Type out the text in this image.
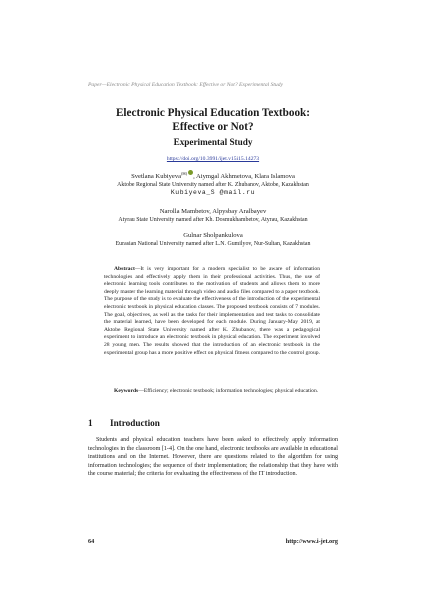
Paper—Electronic Physical Education Textbook: Effective or Not? Experimental Study
Electronic Physical Education Textbook:
Effective or Not?
Experimental Study
https://doi.org/10.3991/ijet.v15i15.14273
Svetlana Kubiyeva(✉) , Aiymgal Akhmetova, Klara Islamova
Aktobe Regional State University named after K. Zhubanov, Aktobe, Kazakhstan
Kubiyeva_S @mail.ru
Narolla Mambetov, Alpysbay Aralbayev
Atyrau State University named after Kh. Dosmukhambetov, Atyrau, Kazakhstan
Gulnar Sholpankulova
Eurasian National University named after L.N. Gumilyov, Nur-Sultan, Kazakhstan

Abstract—It is very important for a modern specialist to be aware of information technologies and effectively apply them in their professional activities. Thus, the use of electronic learning tools contributes to the motivation of students and allows them to more deeply master the learning material through video and audio files compared to a paper textbook. The purpose of the study is to evaluate the effectiveness of the introduction of the experimental electronic textbook in physical education classes. The proposed textbook consists of 7 modules. The goal, objectives, as well as the tasks for their implementation and test tasks to consolidate the material learned, have been developed for each module. During January-May 2019, at Aktobe Regional State University named after K. Zhubanov, there was a pedagogical experiment to introduce an electronic textbook in physical education. The experiment involved 28 young men. The results showed that the introduction of an electronic textbook in the experimental group has a more positive effect on physical fitness compared to the control group.

Keywords—Efficiency; electronic textbook; information technologies; physical education.

1 Introduction

Students and physical education teachers have been asked to effectively apply information technologies in the classroom [1-4]. On the one hand, electronic textbooks are available in educational institutions and on the Internet. However, there are questions related to the algorithm for using information technologies; the sequence of their implementation; the relationship that they have with the course material; the criteria for evaluating the effectiveness of the IT introduction.

64	http://www.i-jet.org
